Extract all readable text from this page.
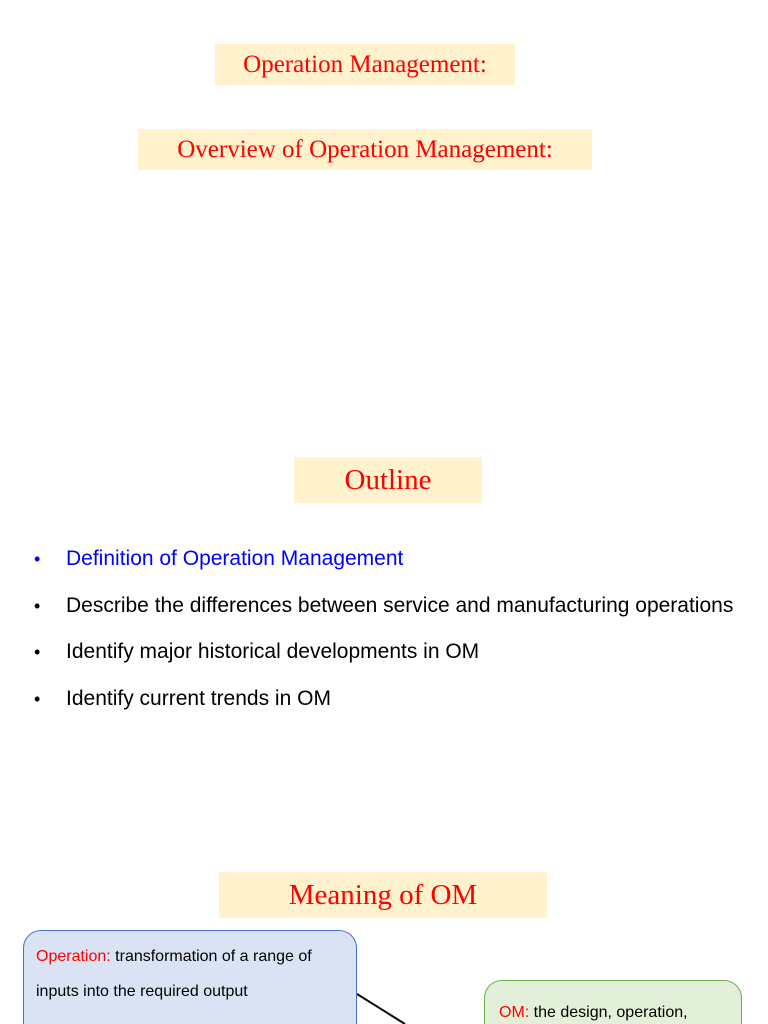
Operation Management:
Overview of Operation Management:
Outline
• Definition of Operation Management
• Describe the differences between service and manufacturing operations
• Identify major historical developments in OM
• Identify current trends in OM
Meaning of OM
Operation: transformation of a range of inputs into the required output
OM: the design, operation,
